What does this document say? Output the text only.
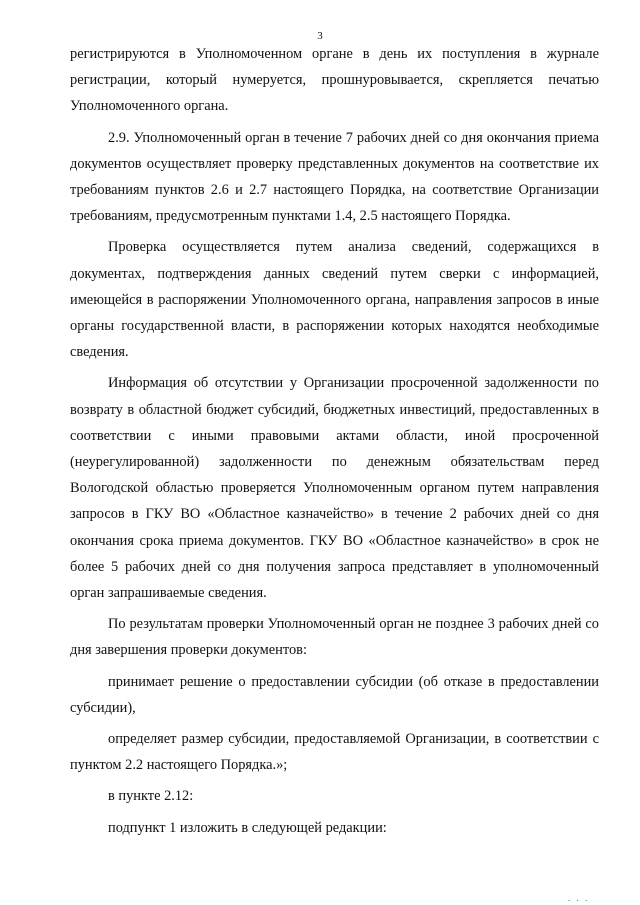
3

регистрируются в Уполномоченном органе в день их поступления в журнале регистрации, который нумеруется, прошнуровывается, скрепляется печатью Уполномоченного органа.

2.9. Уполномоченный орган в течение 7 рабочих дней со дня окончания приема документов осуществляет проверку представленных документов на соответствие их требованиям пунктов 2.6 и 2.7 настоящего Порядка, на соответствие Организации требованиям, предусмотренным пунктами 1.4, 2.5 настоящего Порядка.

Проверка осуществляется путем анализа сведений, содержащихся в документах, подтверждения данных сведений путем сверки с информацией, имеющейся в распоряжении Уполномоченного органа, направления запросов в иные органы государственной власти, в распоряжении которых находятся необходимые сведения.

Информация об отсутствии у Организации просроченной задолженности по возврату в областной бюджет субсидий, бюджетных инвестиций, предоставленных в соответствии с иными правовыми актами области, иной просроченной (неурегулированной) задолженности по денежным обязательствам перед Вологодской областью проверяется Уполномоченным органом путем направления запросов в ГКУ ВО «Областное казначейство» в течение 2 рабочих дней со дня окончания срока приема документов. ГКУ ВО «Областное казначейство» в срок не более 5 рабочих дней со дня получения запроса представляет в уполномоченный орган запрашиваемые сведения.

По результатам проверки Уполномоченный орган не позднее 3 рабочих дней со дня завершения проверки документов:

принимает решение о предоставлении субсидии (об отказе в предоставлении субсидии),

определяет размер субсидии, предоставляемой Организации, в соответствии с пунктом 2.2 настоящего Порядка.»;

в пункте 2.12:

подпункт 1 изложить в следующей редакции:

. . .
